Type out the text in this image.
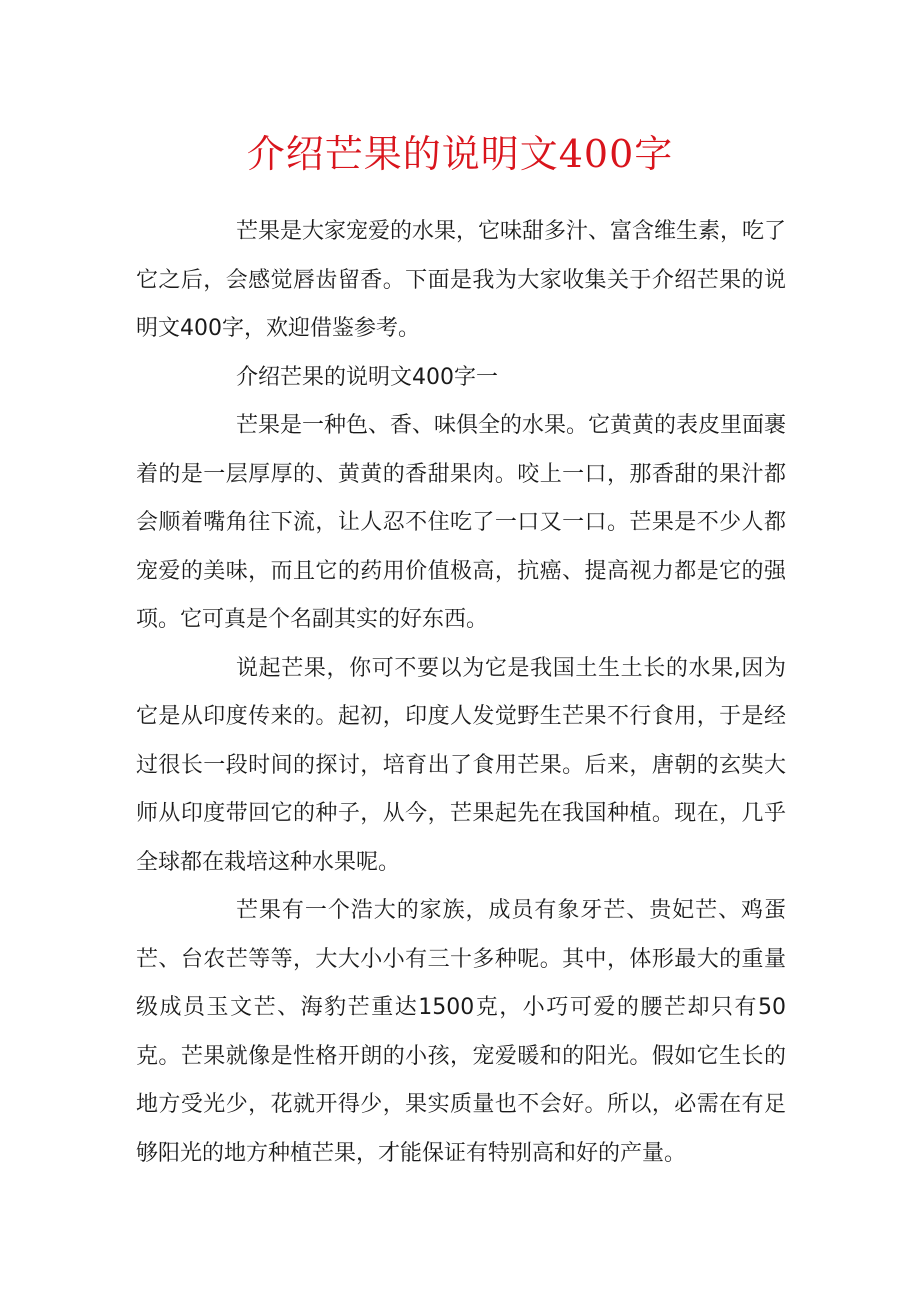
介绍芒果的说明文400字

芒果是大家宠爱的水果，它味甜多汁、富含维生素，吃了它之后，会感觉唇齿留香。下面是我为大家收集关于介绍芒果的说明文400字，欢迎借鉴参考。

介绍芒果的说明文400字一

芒果是一种色、香、味俱全的水果。它黄黄的表皮里面裹着的是一层厚厚的、黄黄的香甜果肉。咬上一口，那香甜的果汁都会顺着嘴角往下流，让人忍不住吃了一口又一口。芒果是不少人都宠爱的美味，而且它的药用价值极高，抗癌、提高视力都是它的强项。它可真是个名副其实的好东西。

说起芒果，你可不要以为它是我国土生土长的水果,因为它是从印度传来的。起初，印度人发觉野生芒果不行食用，于是经过很长一段时间的探讨，培育出了食用芒果。后来，唐朝的玄奘大师从印度带回它的种子，从今，芒果起先在我国种植。现在，几乎全球都在栽培这种水果呢。

芒果有一个浩大的家族，成员有象牙芒、贵妃芒、鸡蛋芒、台农芒等等，大大小小有三十多种呢。其中，体形最大的重量级成员玉文芒、海豹芒重达1500克，小巧可爱的腰芒却只有50克。芒果就像是性格开朗的小孩，宠爱暖和的阳光。假如它生长的地方受光少，花就开得少，果实质量也不会好。所以，必需在有足够阳光的地方种植芒果，才能保证有特别高和好的产量。
